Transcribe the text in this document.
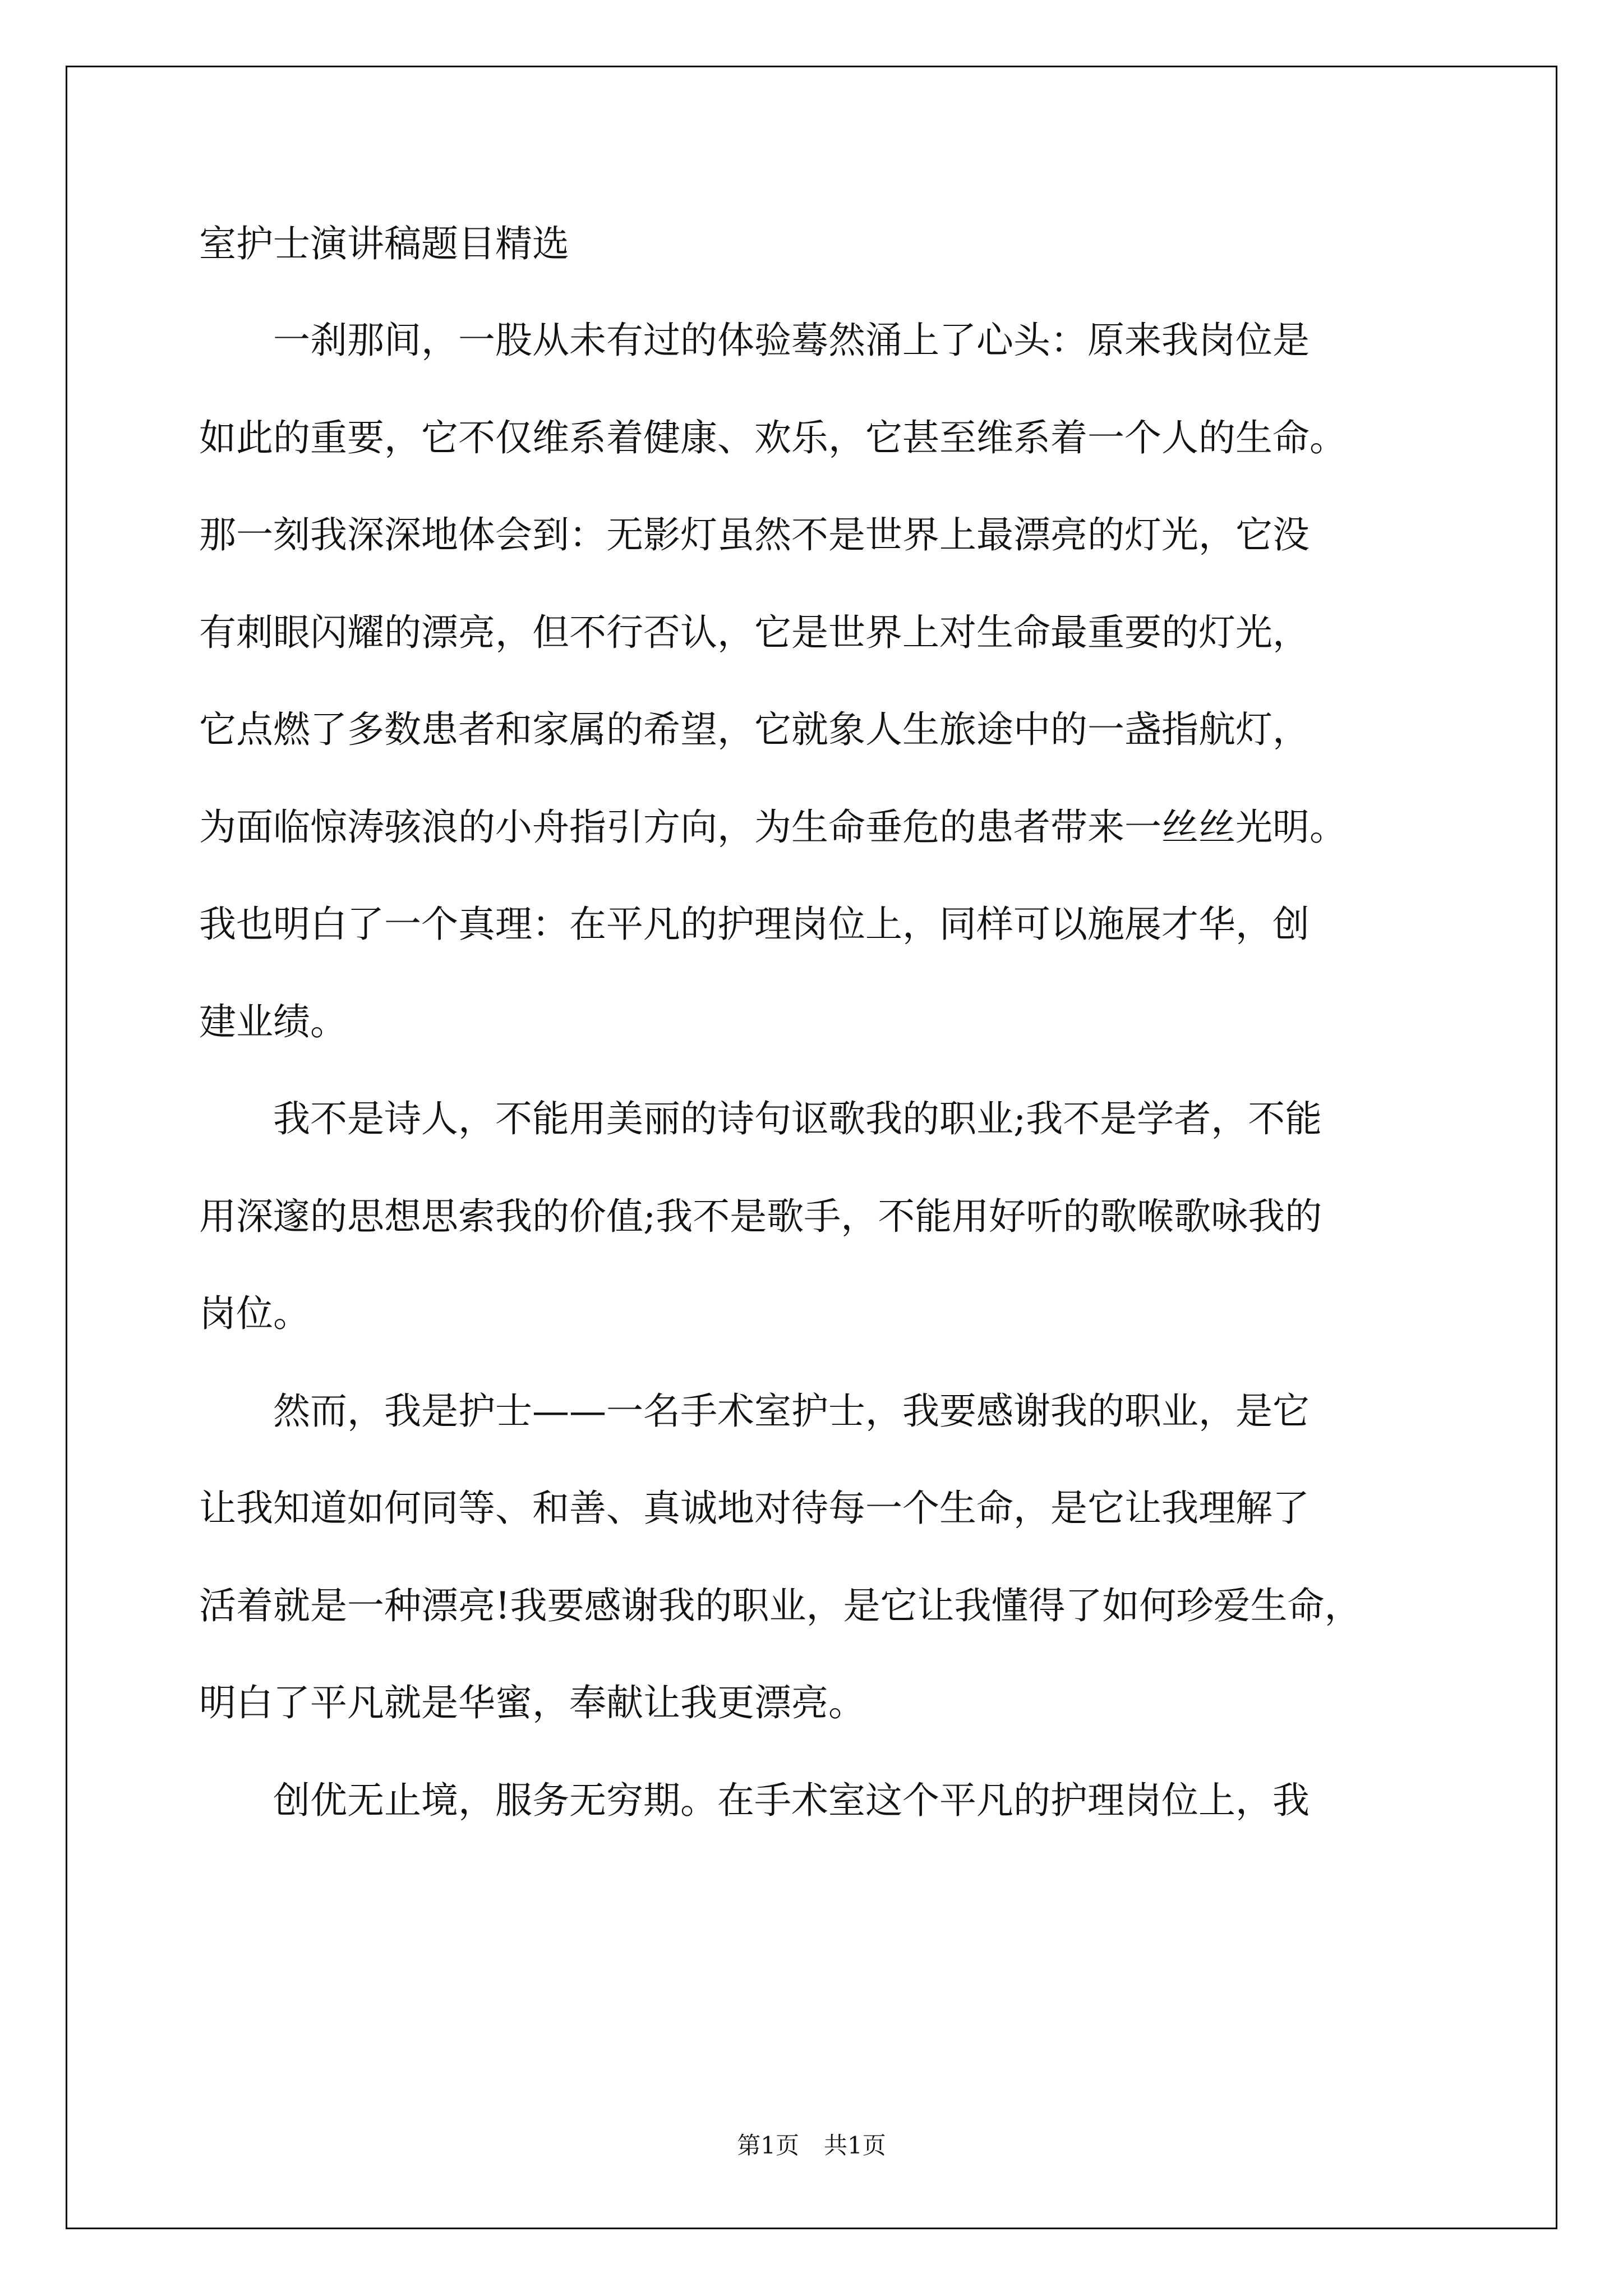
室护士演讲稿题目精选
　　一刹那间，一股从未有过的体验蓦然涌上了心头：原来我岗位是
如此的重要，它不仅维系着健康、欢乐，它甚至维系着一个人的生命。
那一刻我深深地体会到：无影灯虽然不是世界上最漂亮的灯光，它没
有刺眼闪耀的漂亮，但不行否认，它是世界上对生命最重要的灯光，
它点燃了多数患者和家属的希望，它就象人生旅途中的一盏指航灯，
为面临惊涛骇浪的小舟指引方向，为生命垂危的患者带来一丝丝光明。
我也明白了一个真理：在平凡的护理岗位上，同样可以施展才华，创
建业绩。
　　我不是诗人，不能用美丽的诗句讴歌我的职业;我不是学者，不能
用深邃的思想思索我的价值;我不是歌手，不能用好听的歌喉歌咏我的
岗位。
　　然而，我是护士——一名手术室护士，我要感谢我的职业，是它
让我知道如何同等、和善、真诚地对待每一个生命，是它让我理解了
活着就是一种漂亮!我要感谢我的职业，是它让我懂得了如何珍爱生命，
明白了平凡就是华蜜，奉献让我更漂亮。
　　创优无止境，服务无穷期。在手术室这个平凡的护理岗位上，我
第1页 共1页
